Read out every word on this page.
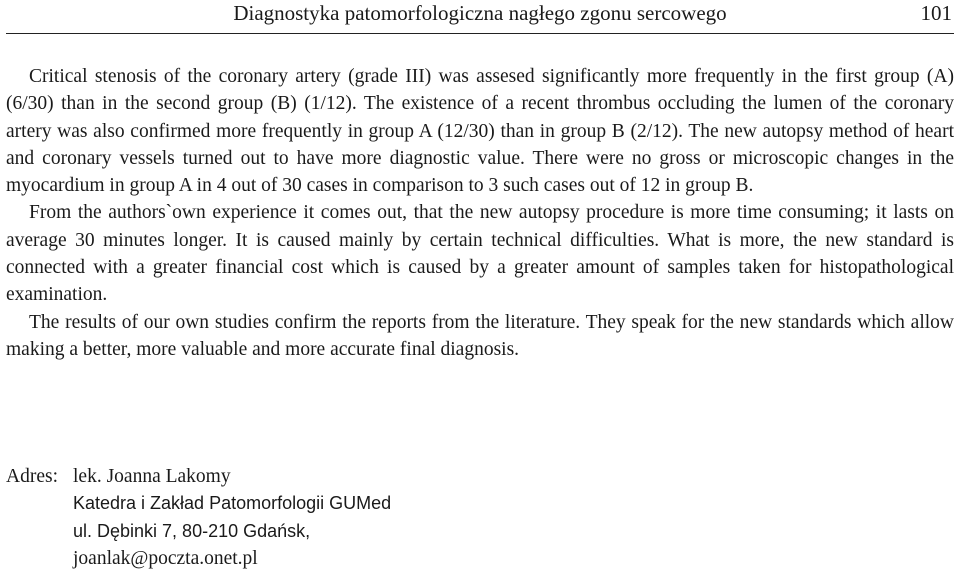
Diagnostyka patomorfologiczna nagłego zgonu sercowego	101

Critical stenosis of the coronary artery (grade III) was assesed significantly more frequently in the first group (A) (6/30) than in the second group (B) (1/12). The existence of a recent thrombus occluding the lumen of the coronary artery was also confirmed more frequently in group A (12/30) than in group B (2/12). The new autopsy method of heart and coronary vessels turned out to have more diagnostic value. There were no gross or microscopic changes in the myocardium in group A in 4 out of 30 cases in comparison to 3 such cases out of 12 in group B.

From the authors`own experience it comes out, that the new autopsy procedure is more time consuming; it lasts on average 30 minutes longer. It is caused mainly by certain technical difficulties. What is more, the new standard is connected with a greater financial cost which is caused by a greater amount of samples taken for histopathological examination.

The results of our own studies confirm the reports from the literature. They speak for the new standards which allow making a better, more valuable and more accurate final diagnosis.

Adres: lek. Joanna Lakomy
Katedra i Zakład Patomorfologii GUMed
ul. Dębinki 7, 80-210 Gdańsk,
joanlak@poczta.onet.pl
